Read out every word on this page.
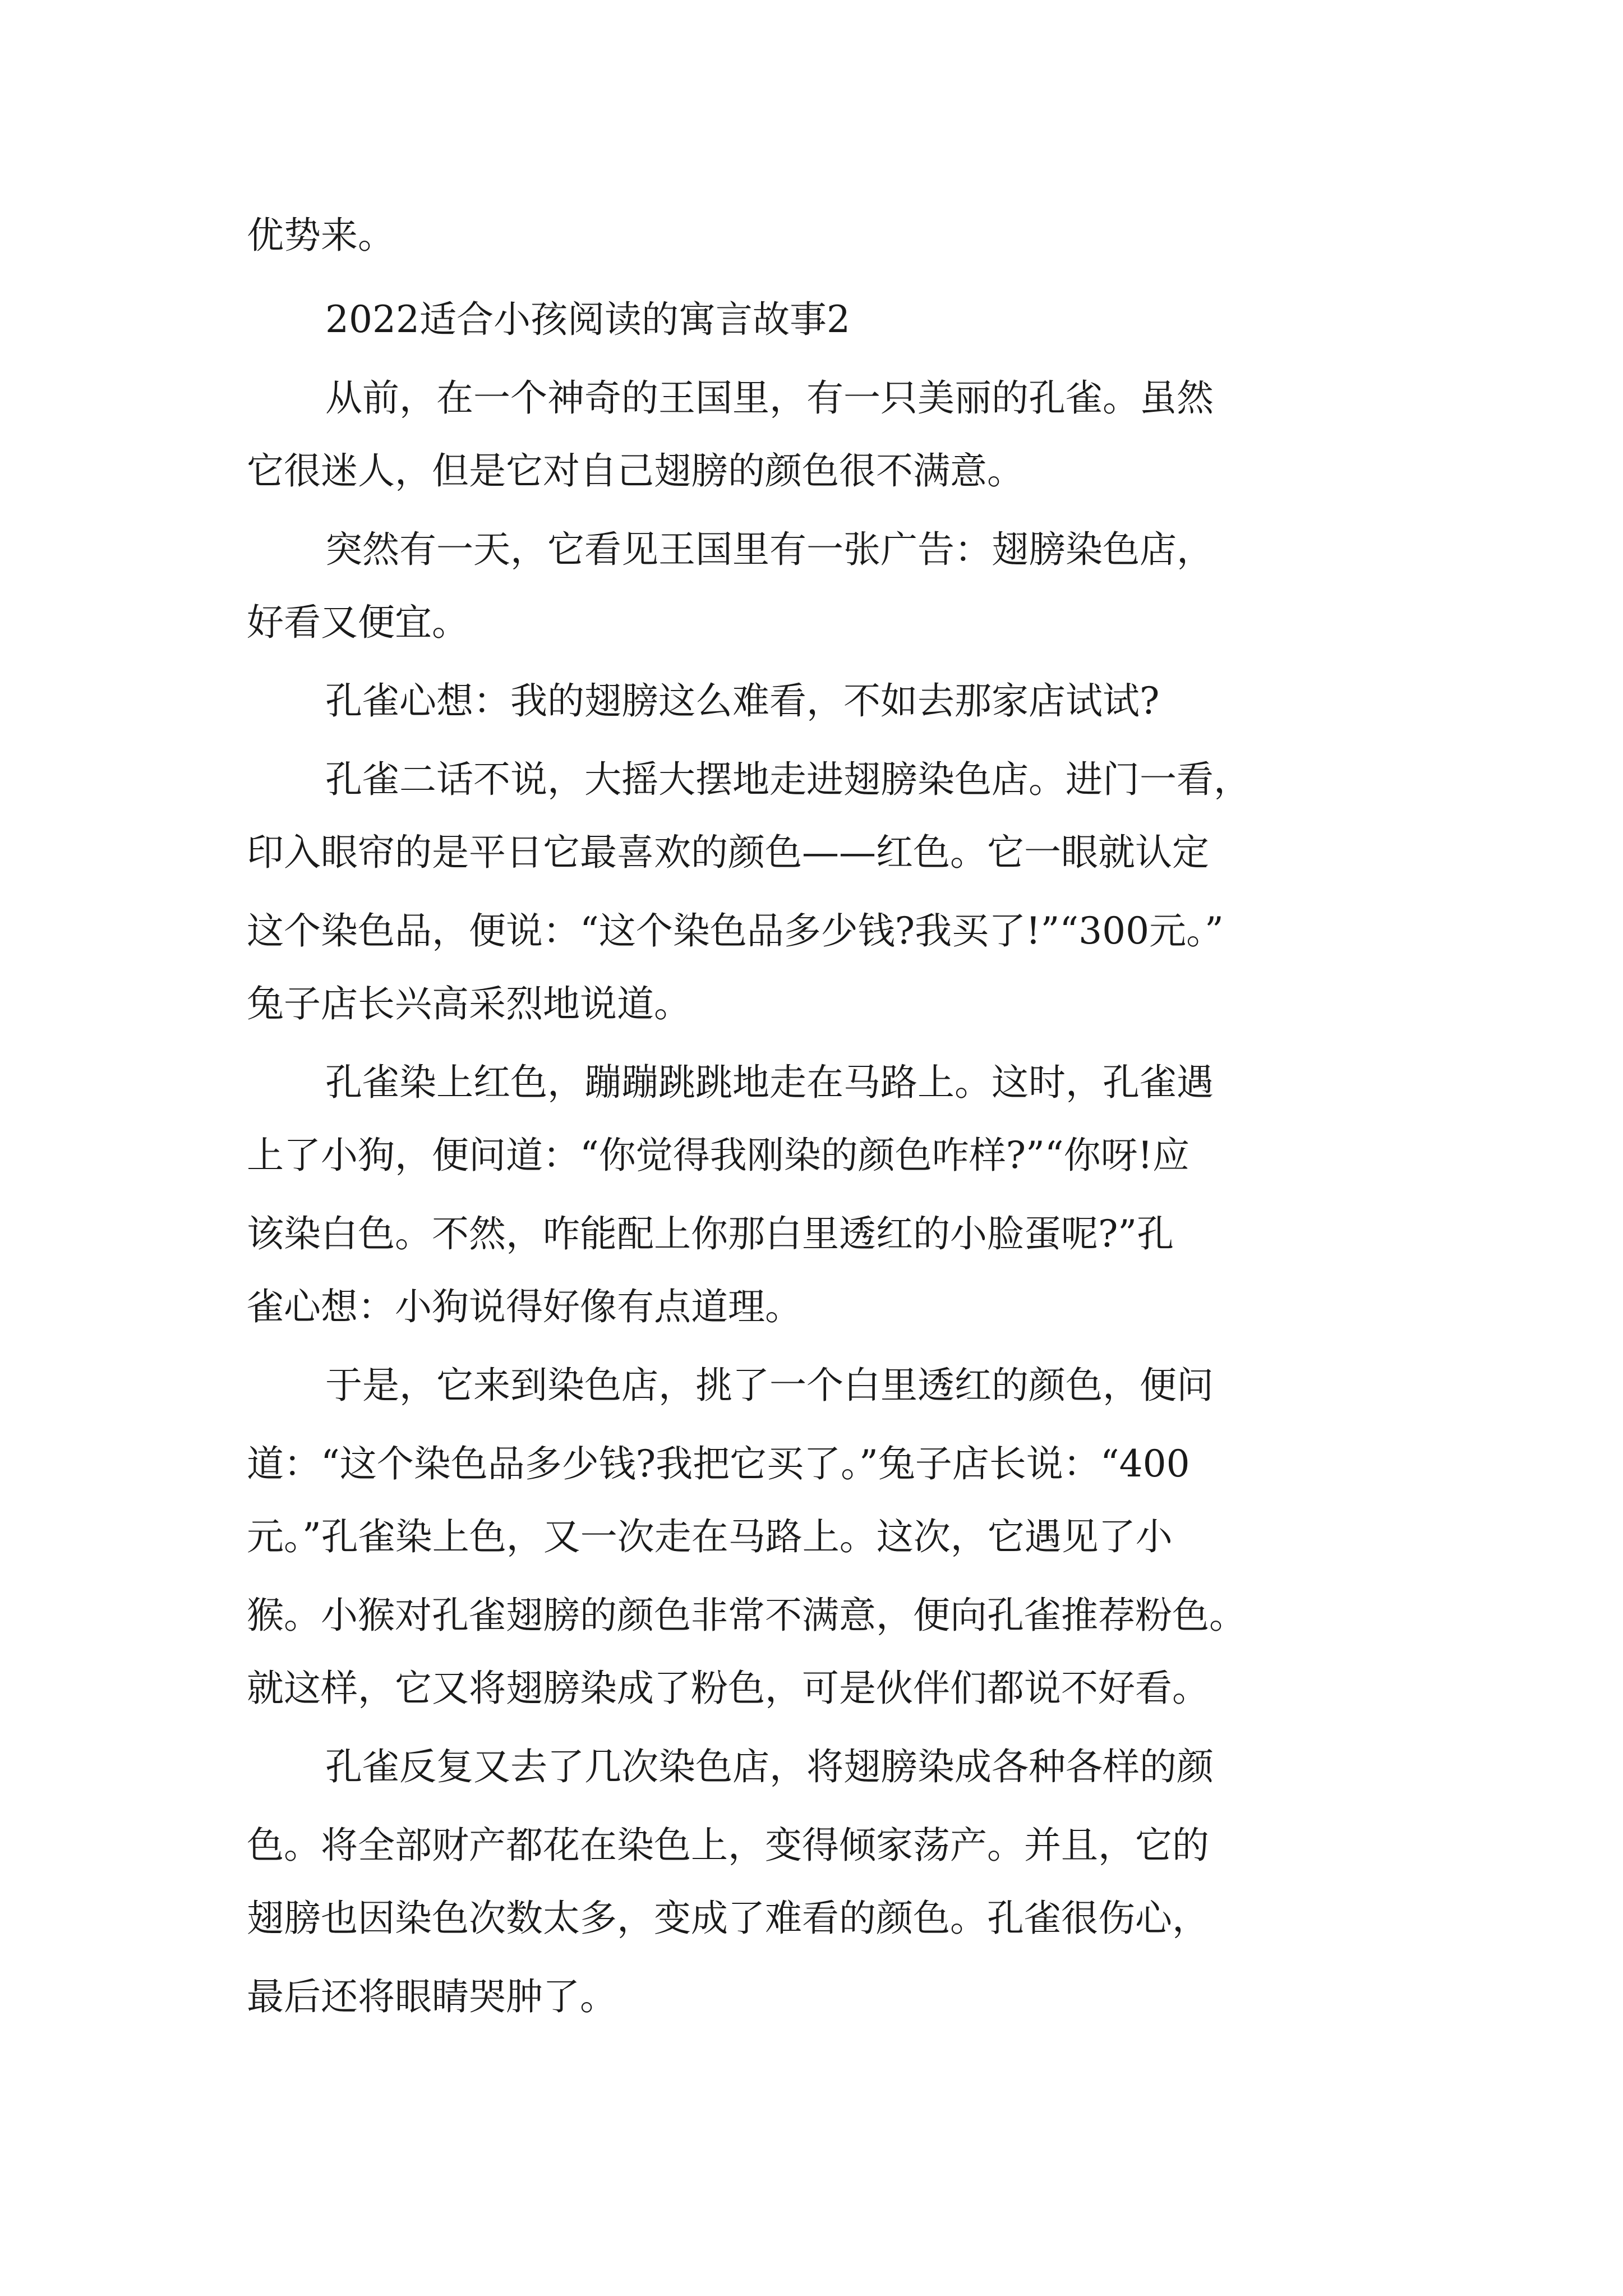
优势来。

2022适合小孩阅读的寓言故事2

从前，在一个神奇的王国里，有一只美丽的孔雀。虽然

它很迷人，但是它对自己翅膀的颜色很不满意。

突然有一天，它看见王国里有一张广告：翅膀染色店，

好看又便宜。

孔雀心想：我的翅膀这么难看，不如去那家店试试?

孔雀二话不说，大摇大摆地走进翅膀染色店。进门一看，

印入眼帘的是平日它最喜欢的颜色——红色。它一眼就认定

这个染色品，便说：“这个染色品多少钱?我买了!”“300元。”

兔子店长兴高采烈地说道。

孔雀染上红色，蹦蹦跳跳地走在马路上。这时，孔雀遇

上了小狗，便问道：“你觉得我刚染的颜色咋样?”“你呀!应

该染白色。不然，咋能配上你那白里透红的小脸蛋呢?”孔

雀心想：小狗说得好像有点道理。

于是，它来到染色店，挑了一个白里透红的颜色，便问

道：“这个染色品多少钱?我把它买了。”兔子店长说：“400

元。”孔雀染上色，又一次走在马路上。这次，它遇见了小

猴。小猴对孔雀翅膀的颜色非常不满意，便向孔雀推荐粉色。

就这样，它又将翅膀染成了粉色，可是伙伴们都说不好看。

孔雀反复又去了几次染色店，将翅膀染成各种各样的颜

色。将全部财产都花在染色上，变得倾家荡产。并且，它的

翅膀也因染色次数太多，变成了难看的颜色。孔雀很伤心，

最后还将眼睛哭肿了。
